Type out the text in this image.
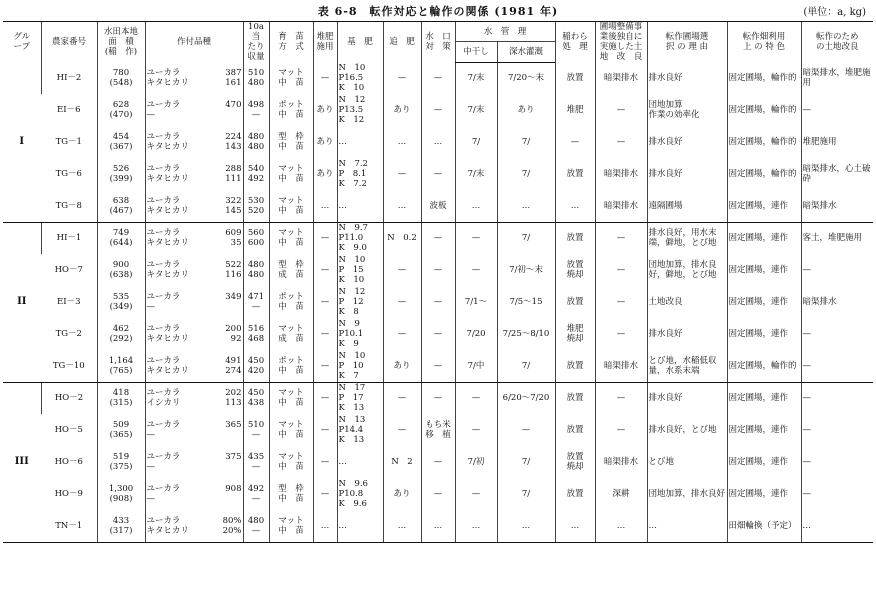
表 6-8　転作対応と輪作の関係 (1981 年)	(単位：a, kg)
グル
ープ	農家番号	水田本地
面　積
(稲　作)	作付品種	10a当
たり
収量	育　苗
方　式	堆肥
施用	基　肥	追　肥	水　口
対　策	水　管　理		稲わら
処　理	圃場整備事
業後独自に
実施した土
地　改　良	転作圃場選
択 の 理 由	転作畑利用
上 の 特 色	転作のため
の土地改良

										中干し	深水灌漑					
I	HI－2	780
(548)	ユーカラ 387
キタヒカリ 161	510
480	マット
中　苗	—	N　10
P16.5
K　10	—	—	7/末	7/20～末	放置	暗渠排水	排水良好	固定圃場，輪作的	暗渠排水，堆肥施用

	EI－6	628
(470)	ユーカラ 470
—	498
—	ポット
中　苗	あり	N　12
P13.5
K　12	あり	—	7/末	あり	堆肥	—	団地加算
作業の効率化	固定圃場，輪作的	—

	TG－1	454
(367)	ユーカラ 224
キタヒカリ 143	480
480	型　枠
中　苗	あり	…	…	…	7/	7/	—	—	排水良好	固定圃場，輪作的	堆肥施用

	TG－6	526
(399)	ユーカラ 288
キタヒカリ 111	540
492	マット
中　苗	あり	N　7.2
P　8.1
K　7.2	—	—	7/末	7/	放置	暗渠排水	排水良好	固定圃場，輪作的	暗渠排水，心土破砕

	TG－8	638
(467)	ユーカラ 322
キタヒカリ 145	530
520	マット
中　苗	…	…	…	波板	…	…	…	暗渠排水	遠隔圃場	固定圃場，連作	暗渠排水

II	HI－1	749
(644)	ユーカラ 609
キタヒカリ 35	560
600	マット
中　苗	—	N　9.7
P11.0
K　9.0	N　0.2	—	—	7/	放置	—	排水良好，用水末端，僻地，とび地	固定圃場，連作	客土，堆肥施用

	HO－7	900
(638)	ユーカラ 522
キタヒカリ 116	480
480	型　枠
成　苗	—	N　10
P　15
K　10	—	—	—	7/初～末	放置
焼却	—	団地加算，排水良好，僻地，とび地	固定圃場，連作	—

	EI－3	535
(349)	ユーカラ 349
—	471
—	ポット
中　苗	—	N　12
P　12
K　8	—	—	7/1～	7/5～15	放置	—	土地改良	固定圃場，連作	暗渠排水

	TG－2	462
(292)	ユーカラ 200
キタヒカリ 92	516
468	マット
成　苗	—	N　9
P10.1
K　9	—	—	7/20	7/25～8/10	堆肥
焼却	—	排水良好	固定圃場，連作	—

	TG－10	1,164
(765)	ユーカラ 491
キタヒカリ 274	450
420	ポット
中　苗	—	N　10
P　10
K　7	あり	—	7/中	7/	放置	暗渠排水	とび地，水稲低収量，水系末端	固定圃場，輪作的	—

III	HO－2	418
(315)	ユーカラ 202
イシカリ 113	450
438	マット
中　苗	—	N　17
P　17
K　13	—	—	—	6/20～7/20	放置	—	排水良好	固定圃場，連作	—

	HO－5	509
(365)	ユーカラ 365
—	510
—	マット
中　苗	—	N　13
P14.4
K　13	—	もち米
移　植	—	—	放置	—	排水良好，とび地	固定圃場，連作	—

	HO－6	519
(375)	ユーカラ 375
—	435
—	マット
中　苗	—	…	N　2	—	7/初	7/	放置
焼却	暗渠排水	とび地	固定圃場，連作	—

	HO－9	1,300
(908)	ユーカラ 908
—	492
—	型　枠
中　苗	—	N　9.6
P10.8
K　9.6	あり	—	—	7/	放置	深耕	団地加算，排水良好	固定圃場，連作	—

	TN－1	433
(317)	ユーカラ 80%
キタヒカリ 20%	480
—	マット
中　苗	…	…	…	…	…	…	…	…	…	田畑輪換（予定）	…
